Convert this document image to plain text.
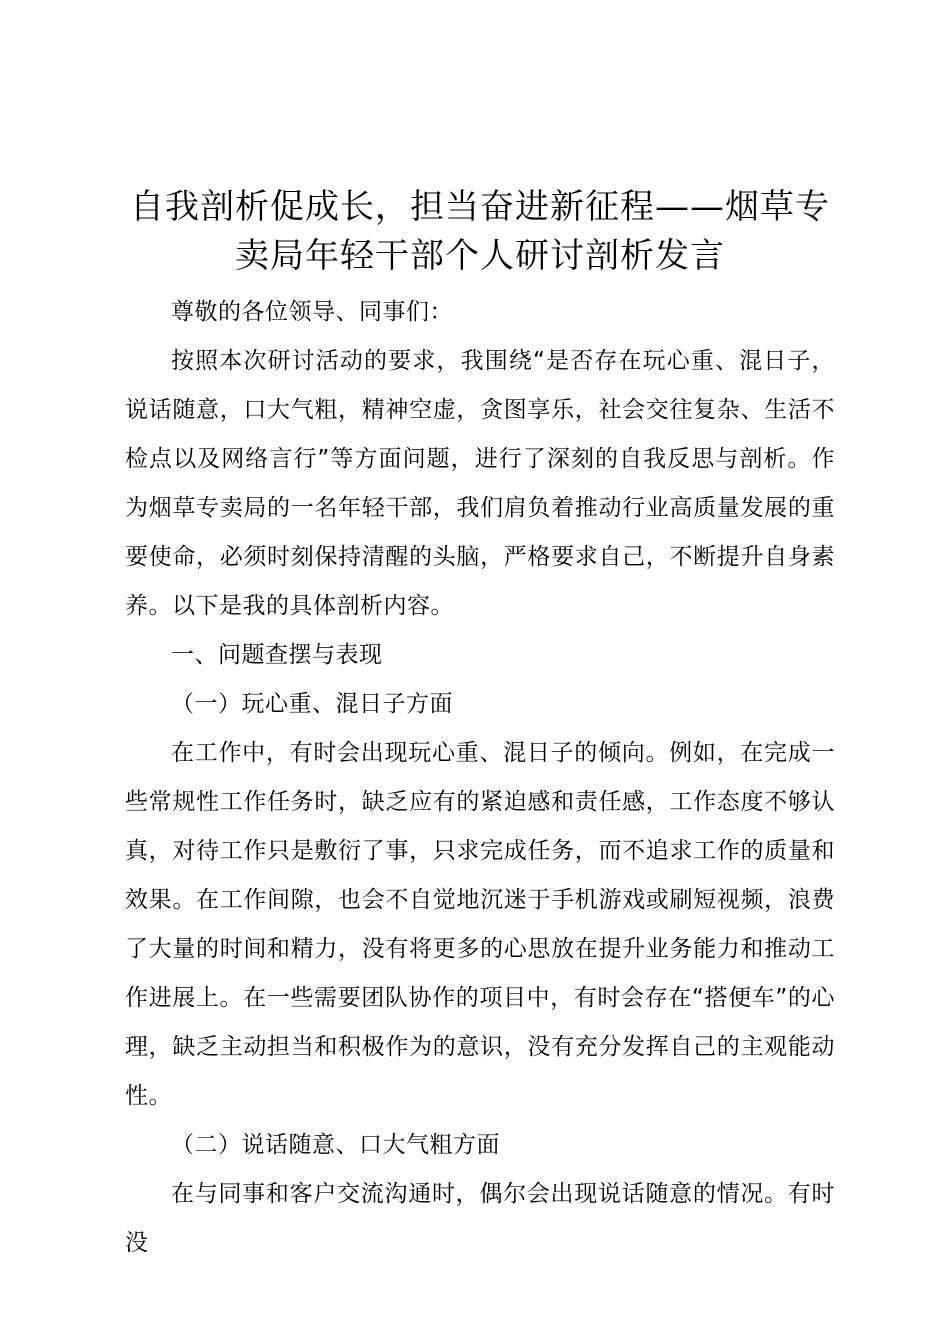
自我剖析促成长，担当奋进新征程——烟草专卖局年轻干部个人研讨剖析发言

尊敬的各位领导、同事们：

按照本次研讨活动的要求，我围绕“是否存在玩心重、混日子，说话随意，口大气粗，精神空虚，贪图享乐，社会交往复杂、生活不检点以及网络言行”等方面问题，进行了深刻的自我反思与剖析。作为烟草专卖局的一名年轻干部，我们肩负着推动行业高质量发展的重要使命，必须时刻保持清醒的头脑，严格要求自己，不断提升自身素养。以下是我的具体剖析内容。

一、问题查摆与表现

（一）玩心重、混日子方面

在工作中，有时会出现玩心重、混日子的倾向。例如，在完成一些常规性工作任务时，缺乏应有的紧迫感和责任感，工作态度不够认真，对待工作只是敷衍了事，只求完成任务，而不追求工作的质量和效果。在工作间隙，也会不自觉地沉迷于手机游戏或刷短视频，浪费了大量的时间和精力，没有将更多的心思放在提升业务能力和推动工作进展上。在一些需要团队协作的项目中，有时会存在“搭便车”的心理，缺乏主动担当和积极作为的意识，没有充分发挥自己的主观能动性。

（二）说话随意、口大气粗方面

在与同事和客户交流沟通时，偶尔会出现说话随意的情况。有时没
